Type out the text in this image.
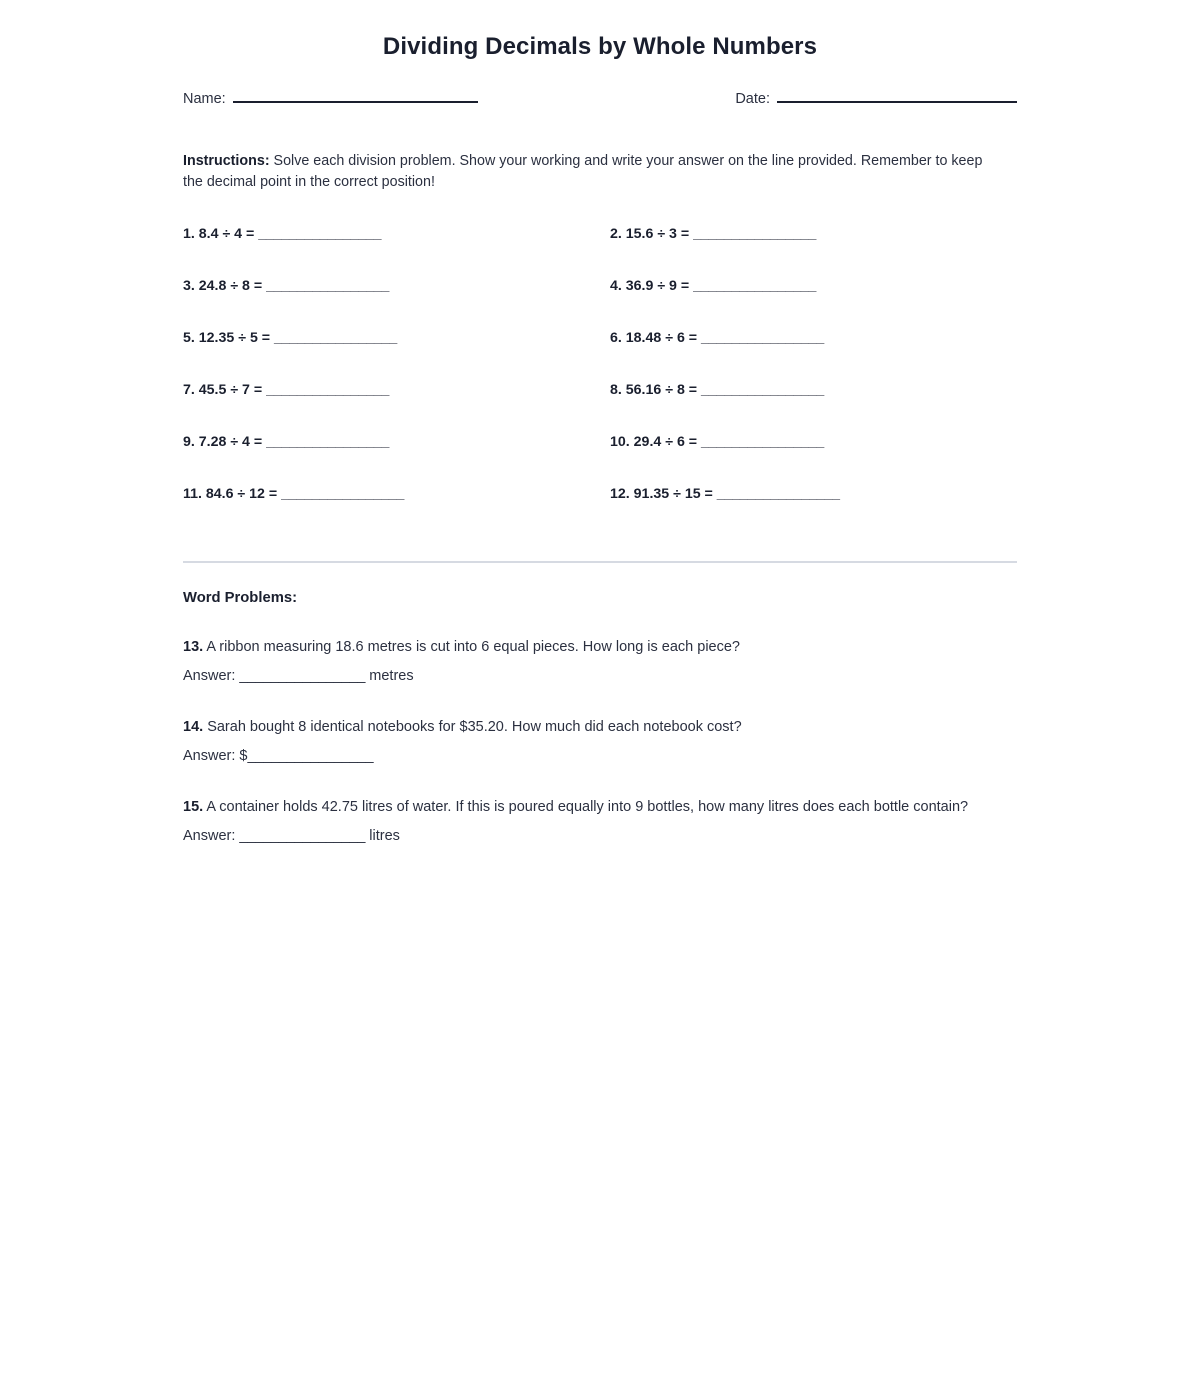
Dividing Decimals by Whole Numbers
Name:	Date:

Instructions: Solve each division problem. Show your working and write your answer on the line provided. Remember to keep the decimal point in the correct position!

1. 8.4 ÷ 4 = ________________	2. 15.6 ÷ 3 = ________________
3. 24.8 ÷ 8 = ________________	4. 36.9 ÷ 9 = ________________
5. 12.35 ÷ 5 = ________________	6. 18.48 ÷ 6 = ________________
7. 45.5 ÷ 7 = ________________	8. 56.16 ÷ 8 = ________________
9. 7.28 ÷ 4 = ________________	10. 29.4 ÷ 6 = ________________
11. 84.6 ÷ 12 = ________________	12. 91.35 ÷ 15 = ________________
Word Problems:
13. A ribbon measuring 18.6 metres is cut into 6 equal pieces. How long is each piece?
Answer: ________________ metres
14. Sarah bought 8 identical notebooks for $35.20. How much did each notebook cost?
Answer: $________________
15. A container holds 42.75 litres of water. If this is poured equally into 9 bottles, how many litres does each bottle contain?
Answer: ________________ litres
